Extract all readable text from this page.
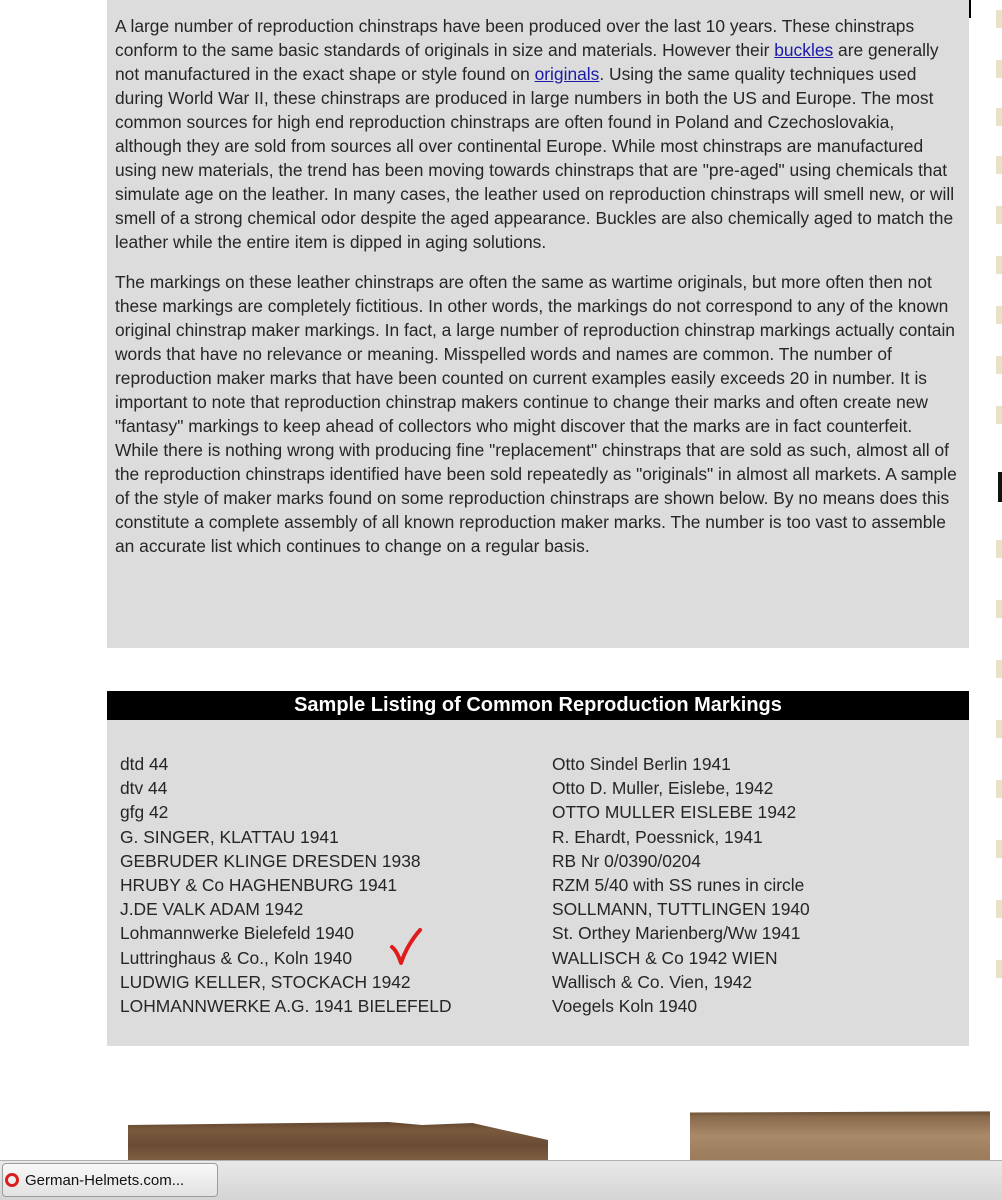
A large number of reproduction chinstraps have been produced over the last 10 years. These chinstraps conform to the same basic standards of originals in size and materials. However their buckles are generally not manufactured in the exact shape or style found on originals. Using the same quality techniques used during World War II, these chinstraps are produced in large numbers in both the US and Europe. The most common sources for high end reproduction chinstraps are often found in Poland and Czechoslovakia, although they are sold from sources all over continental Europe. While most chinstraps are manufactured using new materials, the trend has been moving towards chinstraps that are "pre-aged" using chemicals that simulate age on the leather. In many cases, the leather used on reproduction chinstraps will smell new, or will smell of a strong chemical odor despite the aged appearance. Buckles are also chemically aged to match the leather while the entire item is dipped in aging solutions.

The markings on these leather chinstraps are often the same as wartime originals, but more often then not these markings are completely fictitious. In other words, the markings do not correspond to any of the known original chinstrap maker markings. In fact, a large number of reproduction chinstrap markings actually contain words that have no relevance or meaning. Misspelled words and names are common. The number of reproduction maker marks that have been counted on current examples easily exceeds 20 in number. It is important to note that reproduction chinstrap makers continue to change their marks and often create new "fantasy" markings to keep ahead of collectors who might discover that the marks are in fact counterfeit. While there is nothing wrong with producing fine "replacement" chinstraps that are sold as such, almost all of the reproduction chinstraps identified have been sold repeatedly as "originals" in almost all markets. A sample of the style of maker marks found on some reproduction chinstraps are shown below. By no means does this constitute a complete assembly of all known reproduction maker marks. The number is too vast to assemble an accurate list which continues to change on a regular basis.

Sample Listing of Common Reproduction Markings
dtd 44
dtv 44
gfg 42
G. SINGER, KLATTAU 1941
GEBRUDER KLINGE DRESDEN 1938
HRUBY & Co HAGHENBURG 1941
J.DE VALK ADAM 1942
Lohmannwerke Bielefeld 1940
Luttringhaus & Co., Koln 1940
LUDWIG KELLER, STOCKACH 1942
LOHMANNWERKE A.G. 1941 BIELEFELD
Otto Sindel Berlin 1941
Otto D. Muller, Eislebe, 1942
OTTO MULLER EISLEBE 1942
R. Ehardt, Poessnick, 1941
RB Nr 0/0390/0204
RZM 5/40 with SS runes in circle
SOLLMANN, TUTTLINGEN 1940
St. Orthey Marienberg/Ww 1941
WALLISCH & Co 1942 WIEN
Wallisch & Co. Vien, 1942
Voegels Koln 1940
German-Helmets.com...
